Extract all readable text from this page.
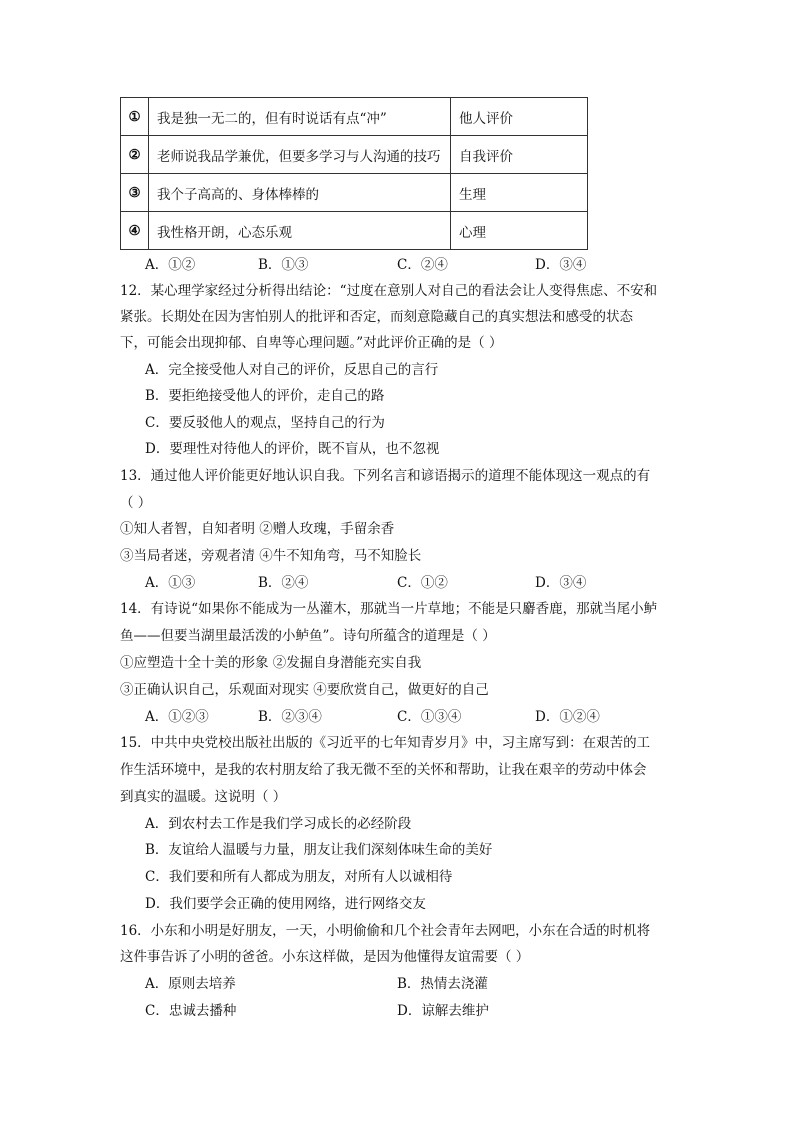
①	我是独一无二的，但有时说话有点“冲”	他人评价
②	老师说我品学兼优，但要多学习与人沟通的技巧	自我评价
③	我个子高高的、身体棒棒的	生理
④	我性格开朗，心态乐观	心理
A．①②	B．①③	C．②④	D．③④
12．某心理学家经过分析得出结论：“过度在意别人对自己的看法会让人变得焦虑、不安和
紧张。长期处在因为害怕别人的批评和否定，而刻意隐藏自己的真实想法和感受的状态
下，可能会出现抑郁、自卑等心理问题。”对此评价正确的是（ ）
A．完全接受他人对自己的评价，反思自己的言行
B．要拒绝接受他人的评价，走自己的路
C．要反驳他人的观点，坚持自己的行为
D．要理性对待他人的评价，既不盲从，也不忽视
13．通过他人评价能更好地认识自我。下列名言和谚语揭示的道理不能体现这一观点的有
（ ）
①知人者智，自知者明 ②赠人玫瑰，手留余香
③当局者迷，旁观者清 ④牛不知角弯，马不知脸长
A．①③	B．②④	C．①②	D．③④
14．有诗说“如果你不能成为一丛灌木，那就当一片草地；不能是只麝香鹿，那就当尾小鲈
鱼——但要当湖里最活泼的小鲈鱼”。诗句所蕴含的道理是（ ）
①应塑造十全十美的形象 ②发掘自身潜能充实自我
③正确认识自己，乐观面对现实 ④要欣赏自己，做更好的自己
A．①②③	B．②③④	C．①③④	D．①②④
15．中共中央党校出版社出版的《习近平的七年知青岁月》中，习主席写到：在艰苦的工
作生活环境中，是我的农村朋友给了我无微不至的关怀和帮助，让我在艰辛的劳动中体会
到真实的温暖。这说明（ ）
A．到农村去工作是我们学习成长的必经阶段
B．友谊给人温暖与力量，朋友让我们深刻体味生命的美好
C．我们要和所有人都成为朋友，对所有人以诚相待
D．我们要学会正确的使用网络，进行网络交友
16．小东和小明是好朋友，一天，小明偷偷和几个社会青年去网吧，小东在合适的时机将
这件事告诉了小明的爸爸。小东这样做，是因为他懂得友谊需要（ ）
A．原则去培养	B．热情去浇灌
C．忠诚去播种	D．谅解去维护
